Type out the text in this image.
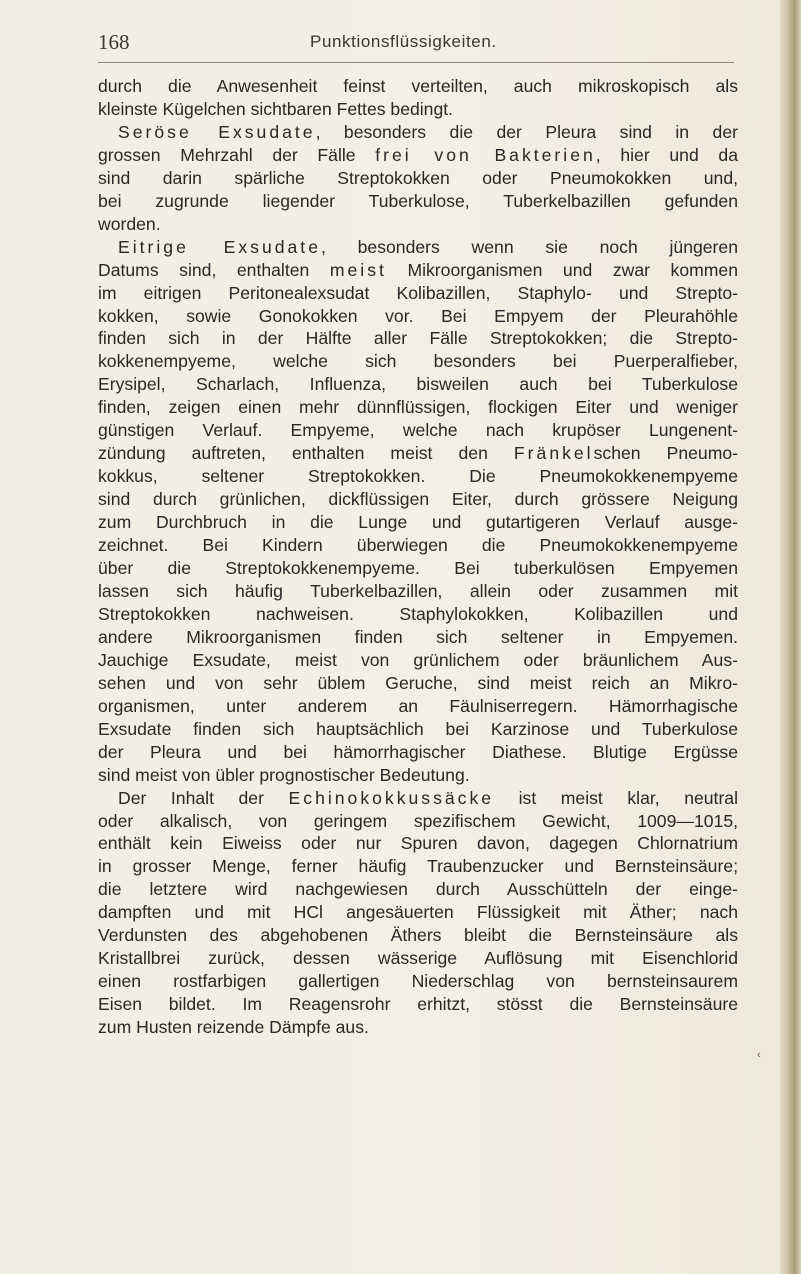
168	Punktionsflüssigkeiten.
durch die Anwesenheit feinst verteilten, auch mikroskopisch als
kleinste Kügelchen sichtbaren Fettes bedingt.
Seröse Exsudate, besonders die der Pleura sind in der
grossen Mehrzahl der Fälle frei von Bakterien, hier und da
sind darin spärliche Streptokokken oder Pneumokokken und,
bei zugrunde liegender Tuberkulose, Tuberkelbazillen gefunden
worden.
Eitrige Exsudate, besonders wenn sie noch jüngeren
Datums sind, enthalten meist Mikroorganismen und zwar kommen
im eitrigen Peritonealexsudat Kolibazillen, Staphylo- und Strepto-
kokken, sowie Gonokokken vor. Bei Empyem der Pleurahöhle
finden sich in der Hälfte aller Fälle Streptokokken; die Strepto-
kokkenempyeme, welche sich besonders bei Puerperalfieber,
Erysipel, Scharlach, Influenza, bisweilen auch bei Tuberkulose
finden, zeigen einen mehr dünnflüssigen, flockigen Eiter und weniger
günstigen Verlauf. Empyeme, welche nach krupöser Lungenent-
zündung auftreten, enthalten meist den Fränkelschen Pneumo-
kokkus, seltener Streptokokken. Die Pneumokokkenempyeme
sind durch grünlichen, dickflüssigen Eiter, durch grössere Neigung
zum Durchbruch in die Lunge und gutartigeren Verlauf ausge-
zeichnet. Bei Kindern überwiegen die Pneumokokkenempyeme
über die Streptokokkenempyeme. Bei tuberkulösen Empyemen
lassen sich häufig Tuberkelbazillen, allein oder zusammen mit
Streptokokken nachweisen. Staphylokokken, Kolibazillen und
andere Mikroorganismen finden sich seltener in Empyemen.
Jauchige Exsudate, meist von grünlichem oder bräunlichem Aus-
sehen und von sehr üblem Geruche, sind meist reich an Mikro-
organismen, unter anderem an Fäulniserregern. Hämorrhagische
Exsudate finden sich hauptsächlich bei Karzinose und Tuberkulose
der Pleura und bei hämorrhagischer Diathese. Blutige Ergüsse
sind meist von übler prognostischer Bedeutung.
Der Inhalt der Echinokokkussäcke ist meist klar, neutral
oder alkalisch, von geringem spezifischem Gewicht, 1009—1015,
enthält kein Eiweiss oder nur Spuren davon, dagegen Chlornatrium
in grosser Menge, ferner häufig Traubenzucker und Bernsteinsäure;
die letztere wird nachgewiesen durch Ausschütteln der einge-
dampften und mit HCl angesäuerten Flüssigkeit mit Äther; nach
Verdunsten des abgehobenen Äthers bleibt die Bernsteinsäure als
Kristallbrei zurück, dessen wässerige Auflösung mit Eisenchlorid
einen rostfarbigen gallertigen Niederschlag von bernsteinsaurem
Eisen bildet. Im Reagensrohr erhitzt, stösst die Bernsteinsäure
zum Husten reizende Dämpfe aus.
‹
